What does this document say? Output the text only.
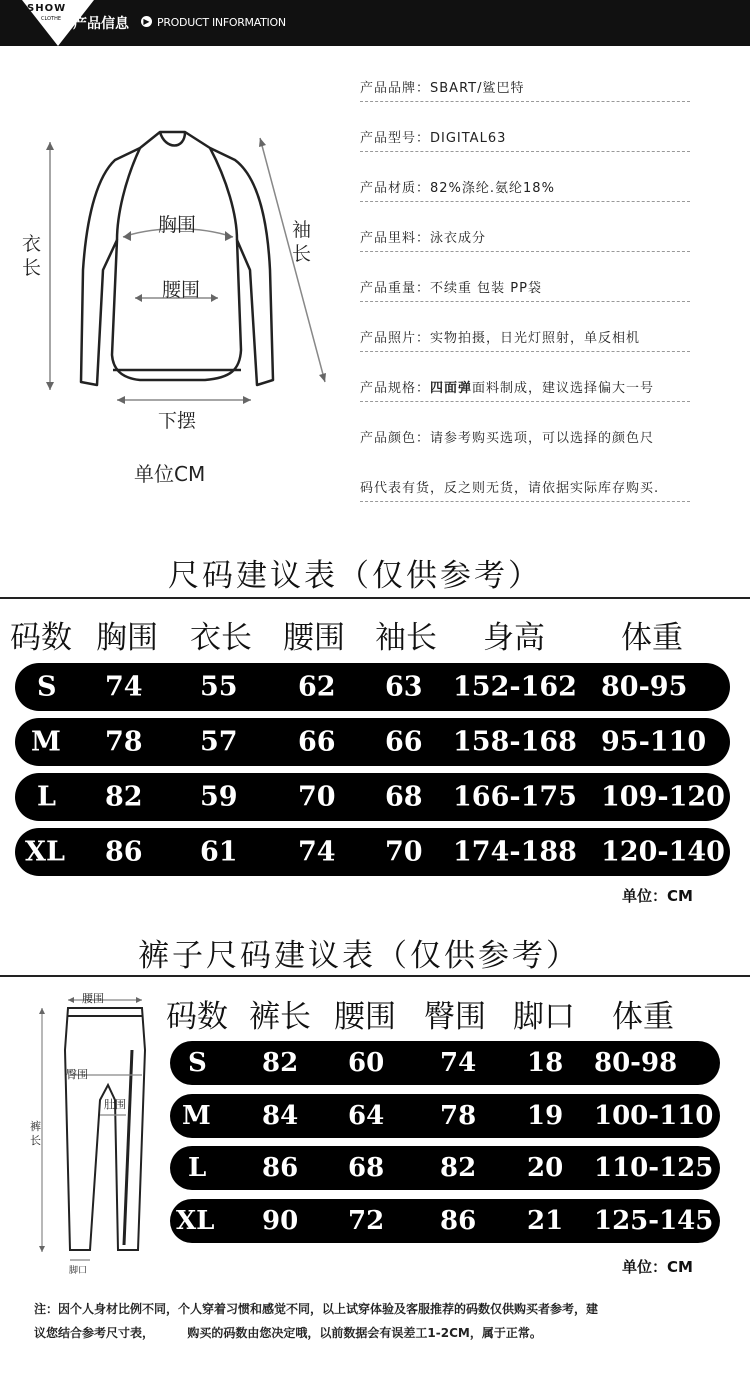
SHOW
CLOTHE 产品信息	▶ PRODUCT INFORMATION
胸围
腰围
衣长
袖长
下摆
单位CM
产品品牌：SBART/鲨巴特
产品型号：DIGITAL63
产品材质：82%涤纶.氨纶18%
产品里料：泳衣成分
产品重量：不续重 包装 PP袋
产品照片：实物拍摄，日光灯照射，单反相机
产品规格：四面弹面料制成，建议选择偏大一号
产品颜色：请参考购买选项，可以选择的颜色尺
码代表有货，反之则无货，请依据实际库存购买.
尺码建议表（仅供参考）
码数 胸围 衣长 腰围 袖长 身高 体重
S 74 55 62 63 152-162 80-95
M 78 57 66 66 158-168 95-110
L 82 59 70 68 166-175 109-120
XL 86 61 74 70 174-188 120-140
单位：CM
裤子尺码建议表（仅供参考）
腰围
臀围
肚围
裤长
脚口
码数 裤长 腰围 臀围 脚口 体重
S 82 60 74 18 80-98
M 84 64 78 19 100-110
L 86 68 82 20 110-125
XL 90 72 86 21 125-145
单位：CM
注：因个人身材比例不同，个人穿着习惯和感觉不同，以上试穿体验及客服推荐的码数仅供购买者参考，建
议您结合参考尺寸表，        购买的码数由您决定哦，以前数据会有误差工1-2CM，属于正常。
